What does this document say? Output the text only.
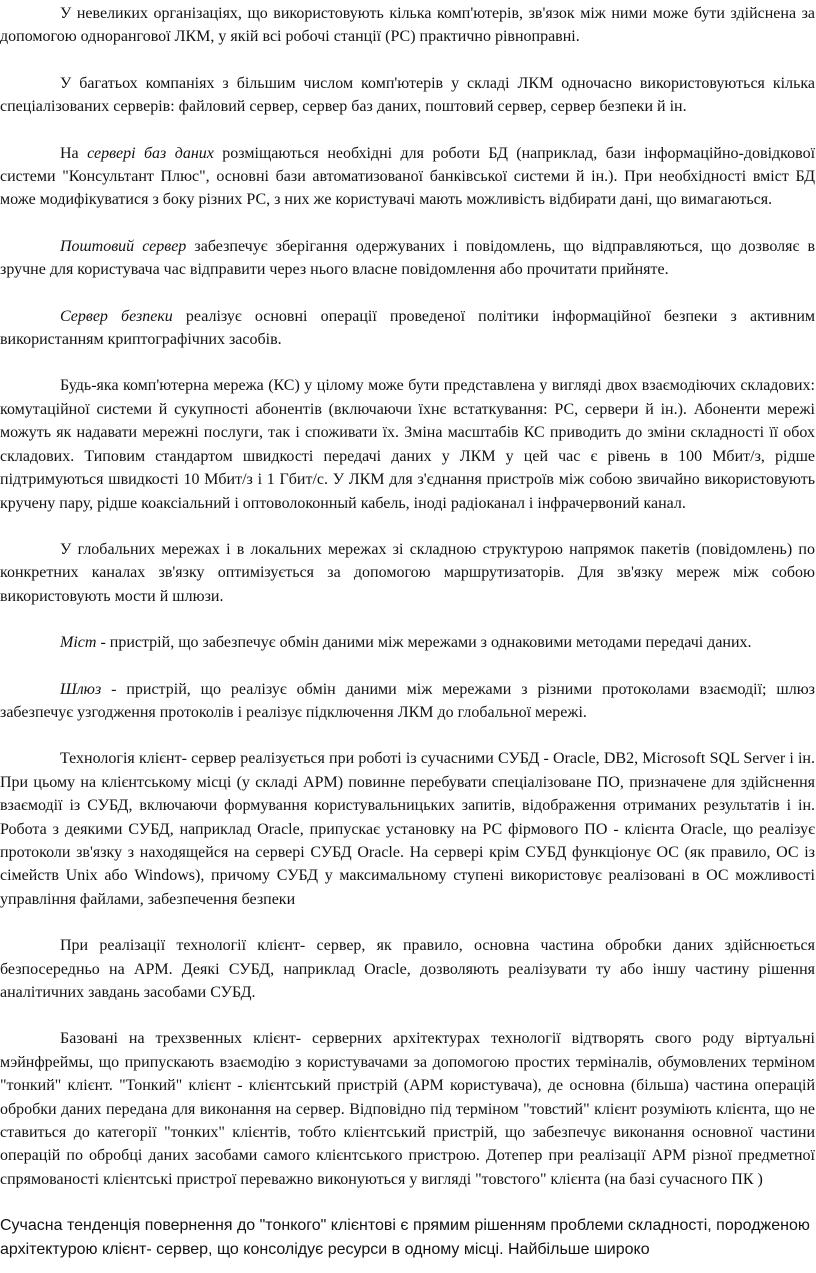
У невеликих організаціях, що використовують кілька комп'ютерів, зв'язок між ними може бути здійснена за допомогою однорангової ЛКМ, у якій всі робочі станції (РС) практично рівноправні.

У багатьох компаніях з більшим числом комп'ютерів у складі ЛКМ одночасно використовуються кілька спеціалізованих серверів: файловий сервер, сервер баз даних, поштовий сервер, сервер безпеки й ін.

На сервері баз даних розміщаються необхідні для роботи БД (наприклад, бази інформаційно-довідкової системи "Консультант Плюс", основні бази автоматизованої банківської системи й ін.). При необхідності вміст БД може модифікуватися з боку різних РС, з них же користувачі мають можливість відбирати дані, що вимагаються.

Поштовий сервер забезпечує зберігання одержуваних і повідомлень, що відправляються, що дозволяє в зручне для користувача час відправити через нього власне повідомлення або прочитати прийняте.

Сервер безпеки реалізує основні операції проведеної політики інформаційної безпеки з активним використанням криптографічних засобів.

Будь-яка комп'ютерна мережа (КС) у цілому може бути представлена у вигляді двох взаємодіючих складових: комутаційної системи й сукупності абонентів (включаючи їхнє встаткування: РС, сервери й ін.). Абоненти мережі можуть як надавати мережні послуги, так і споживати їх. Зміна масштабів КС приводить до зміни складності її обох складових. Типовим стандартом швидкості передачі даних у ЛКМ у цей час є рівень в 100 Мбит/з, рідше підтримуються швидкості 10 Мбит/з і 1 Гбит/с. У ЛКМ для з'єднання пристроїв між собою звичайно використовують кручену пару, рідше коаксіальний і оптоволоконный кабель, іноді радіоканал і інфрачервоний канал.

У глобальних мережах і в локальних мережах зі складною структурою напрямок пакетів (повідомлень) по конкретних каналах зв'язку оптимізується за допомогою маршрутизаторів. Для зв'язку мереж між собою використовують мости й шлюзи.

Міст - пристрій, що забезпечує обмін даними між мережами з однаковими методами передачі даних.

Шлюз - пристрій, що реалізує обмін даними між мережами з різними протоколами взаємодії; шлюз забезпечує узгодження протоколів і реалізує підключення ЛКМ до глобальної мережі.

Технологія клієнт- сервер реалізується при роботі із сучасними СУБД - Oracle, DB2, Microsoft SQL Server і ін. При цьому на клієнтському місці (у складі АРМ) повинне перебувати спеціалізоване ПО, призначене для здійснення взаємодії із СУБД, включаючи формування користувальницьких запитів, відображення отриманих результатів і ін. Робота з деякими СУБД, наприклад Oracle, припускає установку на РС фірмового ПО - клієнта Oracle, що реалізує протоколи зв'язку з находящейся на сервері СУБД Oracle. На сервері крім СУБД функціонує ОС (як правило, ОС із сімейств Unix або Windows), причому СУБД у максимальному ступені використовує реалізовані в ОС можливості управління файлами, забезпечення безпеки

При реалізації технології клієнт- сервер, як правило, основна частина обробки даних здійснюється безпосередньо на АРМ. Деякі СУБД, наприклад Oracle, дозволяють реалізувати ту або іншу частину рішення аналітичних завдань засобами СУБД.

Базовані на трехзвенных клієнт- серверних архітектурах технології відтворять свого роду віртуальні мэйнфреймы, що припускають взаємодію з користувачами за допомогою простих терміналів, обумовлених терміном "тонкий" клієнт. "Тонкий" клієнт - клієнтський пристрій (АРМ користувача), де основна (більша) частина операцій обробки даних передана для виконання на сервер. Відповідно під терміном "товстий" клієнт розуміють клієнта, що не ставиться до категорії "тонких" клієнтів, тобто клієнтський пристрій, що забезпечує виконання основної частини операцій по обробці даних засобами самого клієнтського пристрою. Дотепер при реалізації АРМ різної предметної спрямованості клієнтські пристрої переважно виконуються у вигляді "товстого" клієнта (на базі сучасного ПК )

Сучасна тенденція повернення до "тонкого" клієнтові є прямим рішенням проблеми складності, породженою архітектурою клієнт- сервер, що консолідує ресурси в одному місці. Найбільше широко
